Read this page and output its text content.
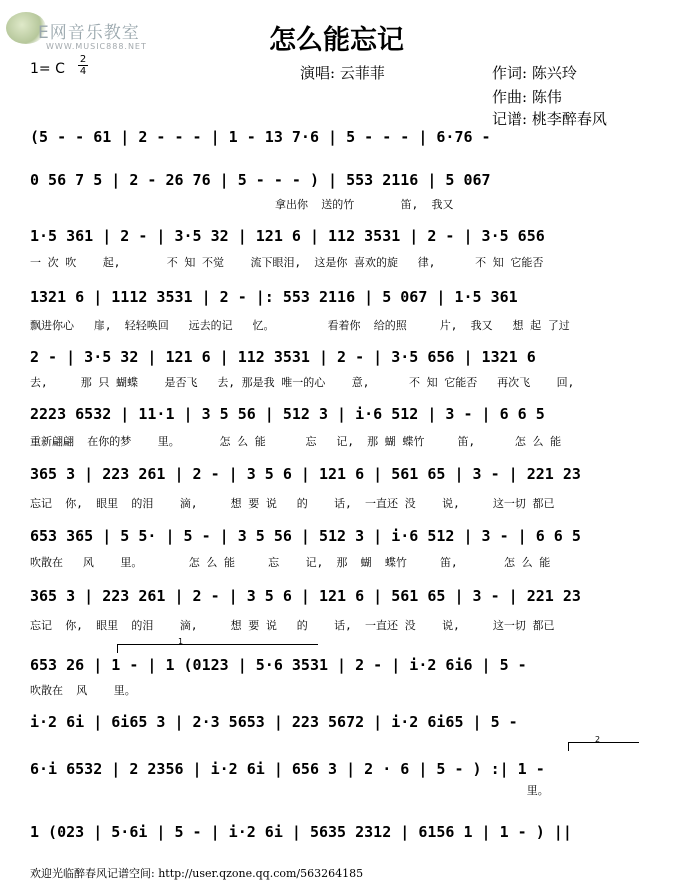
E网音乐教室
WWW.MUSIC888.NET	怎么能忘记
1= C
2
4	演唱: 云菲菲	作词: 陈兴玲
作曲: 陈伟
记谱: 桃李醉春风
(5 - - 61 | 2 - - - | 1 - 13 7·6 | 5 - - - | 6·76 -
0 56 7 5 | 2 - 26 76 | 5 - - - ) | 553 2116 | 5 067
拿出你  送的竹       笛,  我又
1·5 361 | 2 - | 3·5 32 | 121 6 | 112 3531 | 2 - | 3·5 656
一 次 吹    起,       不 知 不觉    流下眼泪,  这是你 喜欢的旋   律,      不 知 它能否
1321 6 | 1112 3531 | 2 - |: 553 2116 | 5 067 | 1·5 361
飘进你心   扉,  轻轻唤回   远去的记   忆。        看着你  给的照     片,  我又   想 起 了过
2 - | 3·5 32 | 121 6 | 112 3531 | 2 - | 3·5 656 | 1321 6
去,     那 只 蝴蝶    是否飞   去, 那是我 唯一的心    意,      不 知 它能否   再次飞    回,
2223 6532 | 11·1 | 3 5 56 | 512 3 | i·6 512 | 3 - | 6 6 5
重新翩翩  在你的梦    里。      怎 么 能      忘   记,  那 蝴 蝶竹     笛,      怎 么 能
365 3 | 223 261 | 2 - | 3 5 6 | 121 6 | 561 65 | 3 - | 221 23
忘记  你,  眼里  的泪    滴,     想 要 说   的    话,  一直还 没    说,     这一切 都已
653 365 | 5 5· | 5 - | 3 5 56 | 512 3 | i·6 512 | 3 - | 6 6 5
吹散在   风    里。       怎 么 能     忘    记,  那  蝴  蝶竹     笛,       怎 么 能
365 3 | 223 261 | 2 - | 3 5 6 | 121 6 | 561 65 | 3 - | 221 23
忘记  你,  眼里  的泪    滴,     想 要 说   的    话,  一直还 没    说,     这一切 都已
1
653 26 | 1 - | 1 (0123 | 5·6 3531 | 2 - | i·2 6i6 | 5 -
吹散在  风    里。
i·2 6i | 6i65 3 | 2·3 5653 | 223 5672 | i·2 6i65 | 5 -
2
6·i 6532 | 2 2356 | i·2 6i | 656 3 | 2 · 6 | 5 - ) :| 1 -
里。
1 (023 | 5·6i | 5 - | i·2 6i | 5635 2312 | 6156 1 | 1 - ) ||
欢迎光临醉春风记谱空间: http://user.qzone.qq.com/563264185
